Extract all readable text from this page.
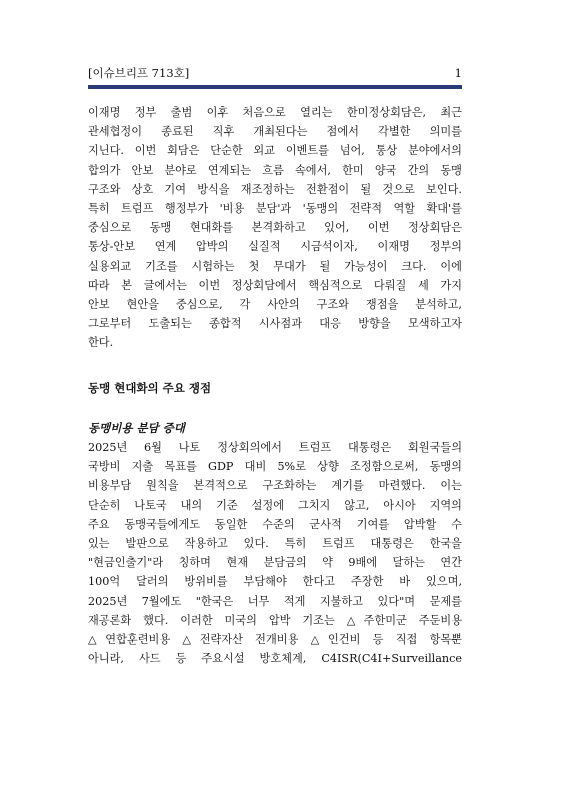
[이슈브리프 713호]	1
이재명 정부 출범 이후 처음으로 열리는 한미정상회담은, 최근
관세협정이 종료된 직후 개최된다는 점에서 각별한 의미를
지닌다. 이번 회담은 단순한 외교 이벤트를 넘어, 통상 분야에서의
합의가 안보 분야로 연계되는 흐름 속에서, 한미 양국 간의 동맹
구조와 상호 기여 방식을 재조정하는 전환점이 될 것으로 보인다.
특히 트럼프 행정부가 '비용 분담'과 '동맹의 전략적 역할 확대'를
중심으로 동맹 현대화를 본격화하고 있어, 이번 정상회담은
통상-안보 연계 압박의 실질적 시금석이자, 이재명 정부의
실용외교 기조를 시험하는 첫 무대가 될 가능성이 크다. 이에
따라 본 글에서는 이번 정상회담에서 핵심적으로 다뤄질 세 가지
안보 현안을 중심으로, 각 사안의 구조와 쟁점을 분석하고,
그로부터 도출되는 종합적 시사점과 대응 방향을 모색하고자
한다.
동맹 현대화의 주요 쟁점
동맹비용 분담 증대
2025년 6월 나토 정상회의에서 트럼프 대통령은 회원국들의
국방비 지출 목표를 GDP 대비 5%로 상향 조정함으로써, 동맹의
비용부담 원칙을 본격적으로 구조화하는 계기를 마련했다. 이는
단순히 나토국 내의 기준 설정에 그치지 않고, 아시아 지역의
주요 동맹국들에게도 동일한 수준의 군사적 기여를 압박할 수
있는 발판으로 작용하고 있다. 특히 트럼프 대통령은 한국을
"현금인출기"라 칭하며 현재 분담금의 약 9배에 달하는 연간
100억 달러의 방위비를 부담해야 한다고 주장한 바 있으며,
2025년 7월에도 "한국은 너무 적게 지불하고 있다"며 문제를
재공론화 했다. 이러한 미국의 압박 기조는 △주한미군 주둔비용
△연합훈련비용 △전략자산 전개비용 △인건비 등 직접 항목뿐
아니라, 사드 등 주요시설 방호체계, C4ISR(C4I+Surveillance
